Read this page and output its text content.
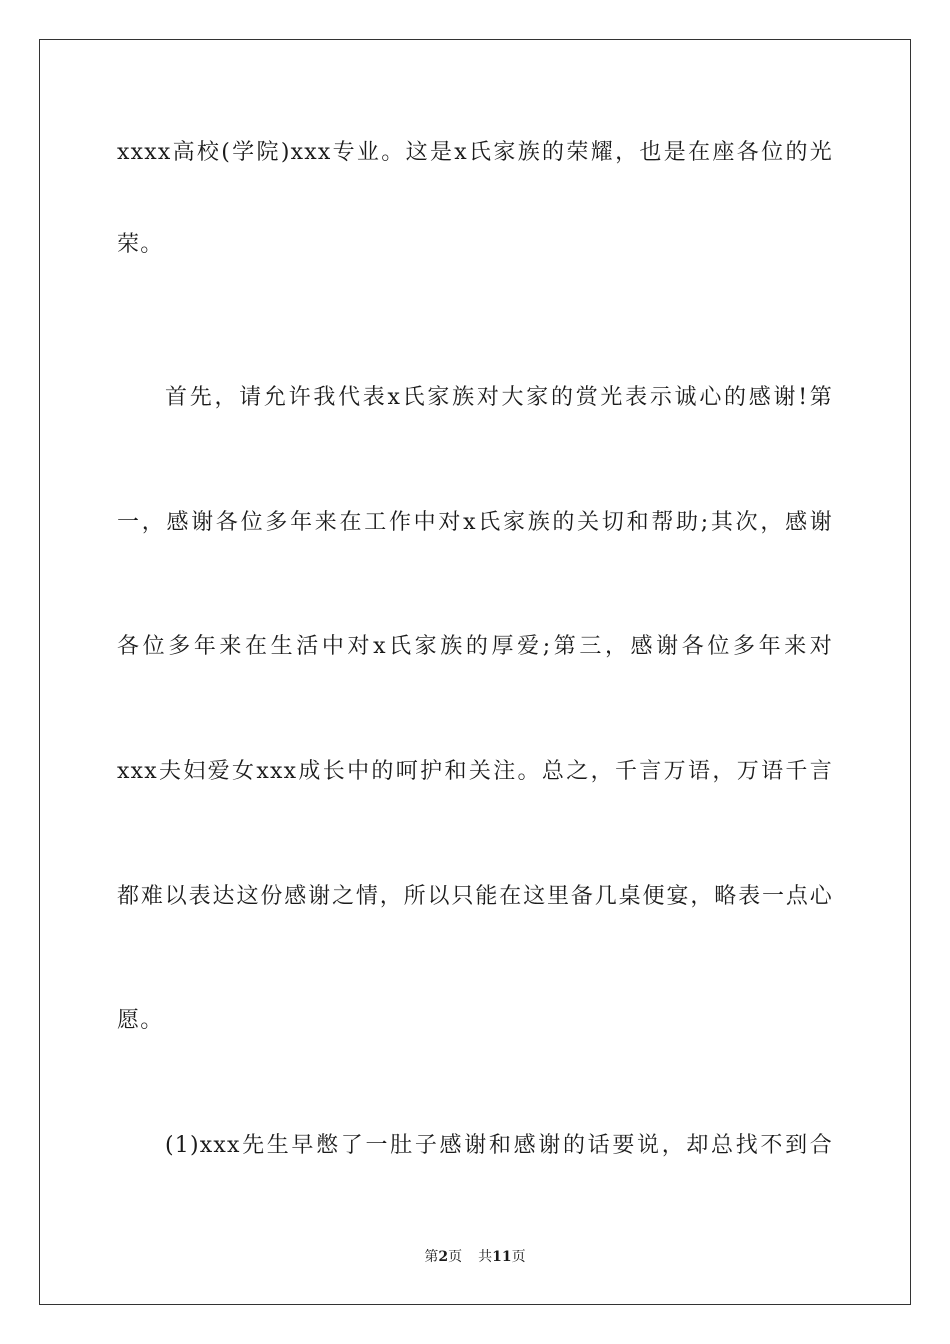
xxxx高校(学院)xxx专业。这是x氏家族的荣耀，也是在座各位的光
荣。
首先，请允许我代表x氏家族对大家的赏光表示诚心的感谢!第
一，感谢各位多年来在工作中对x氏家族的关切和帮助;其次，感谢
各位多年来在生活中对x氏家族的厚爱;第三，感谢各位多年来对
xxx夫妇爱女xxx成长中的呵护和关注。总之，千言万语，万语千言
都难以表达这份感谢之情，所以只能在这里备几桌便宴，略表一点心
愿。
(1)xxx先生早憋了一肚子感谢和感谢的话要说，却总找不到合
第2页 共11页
